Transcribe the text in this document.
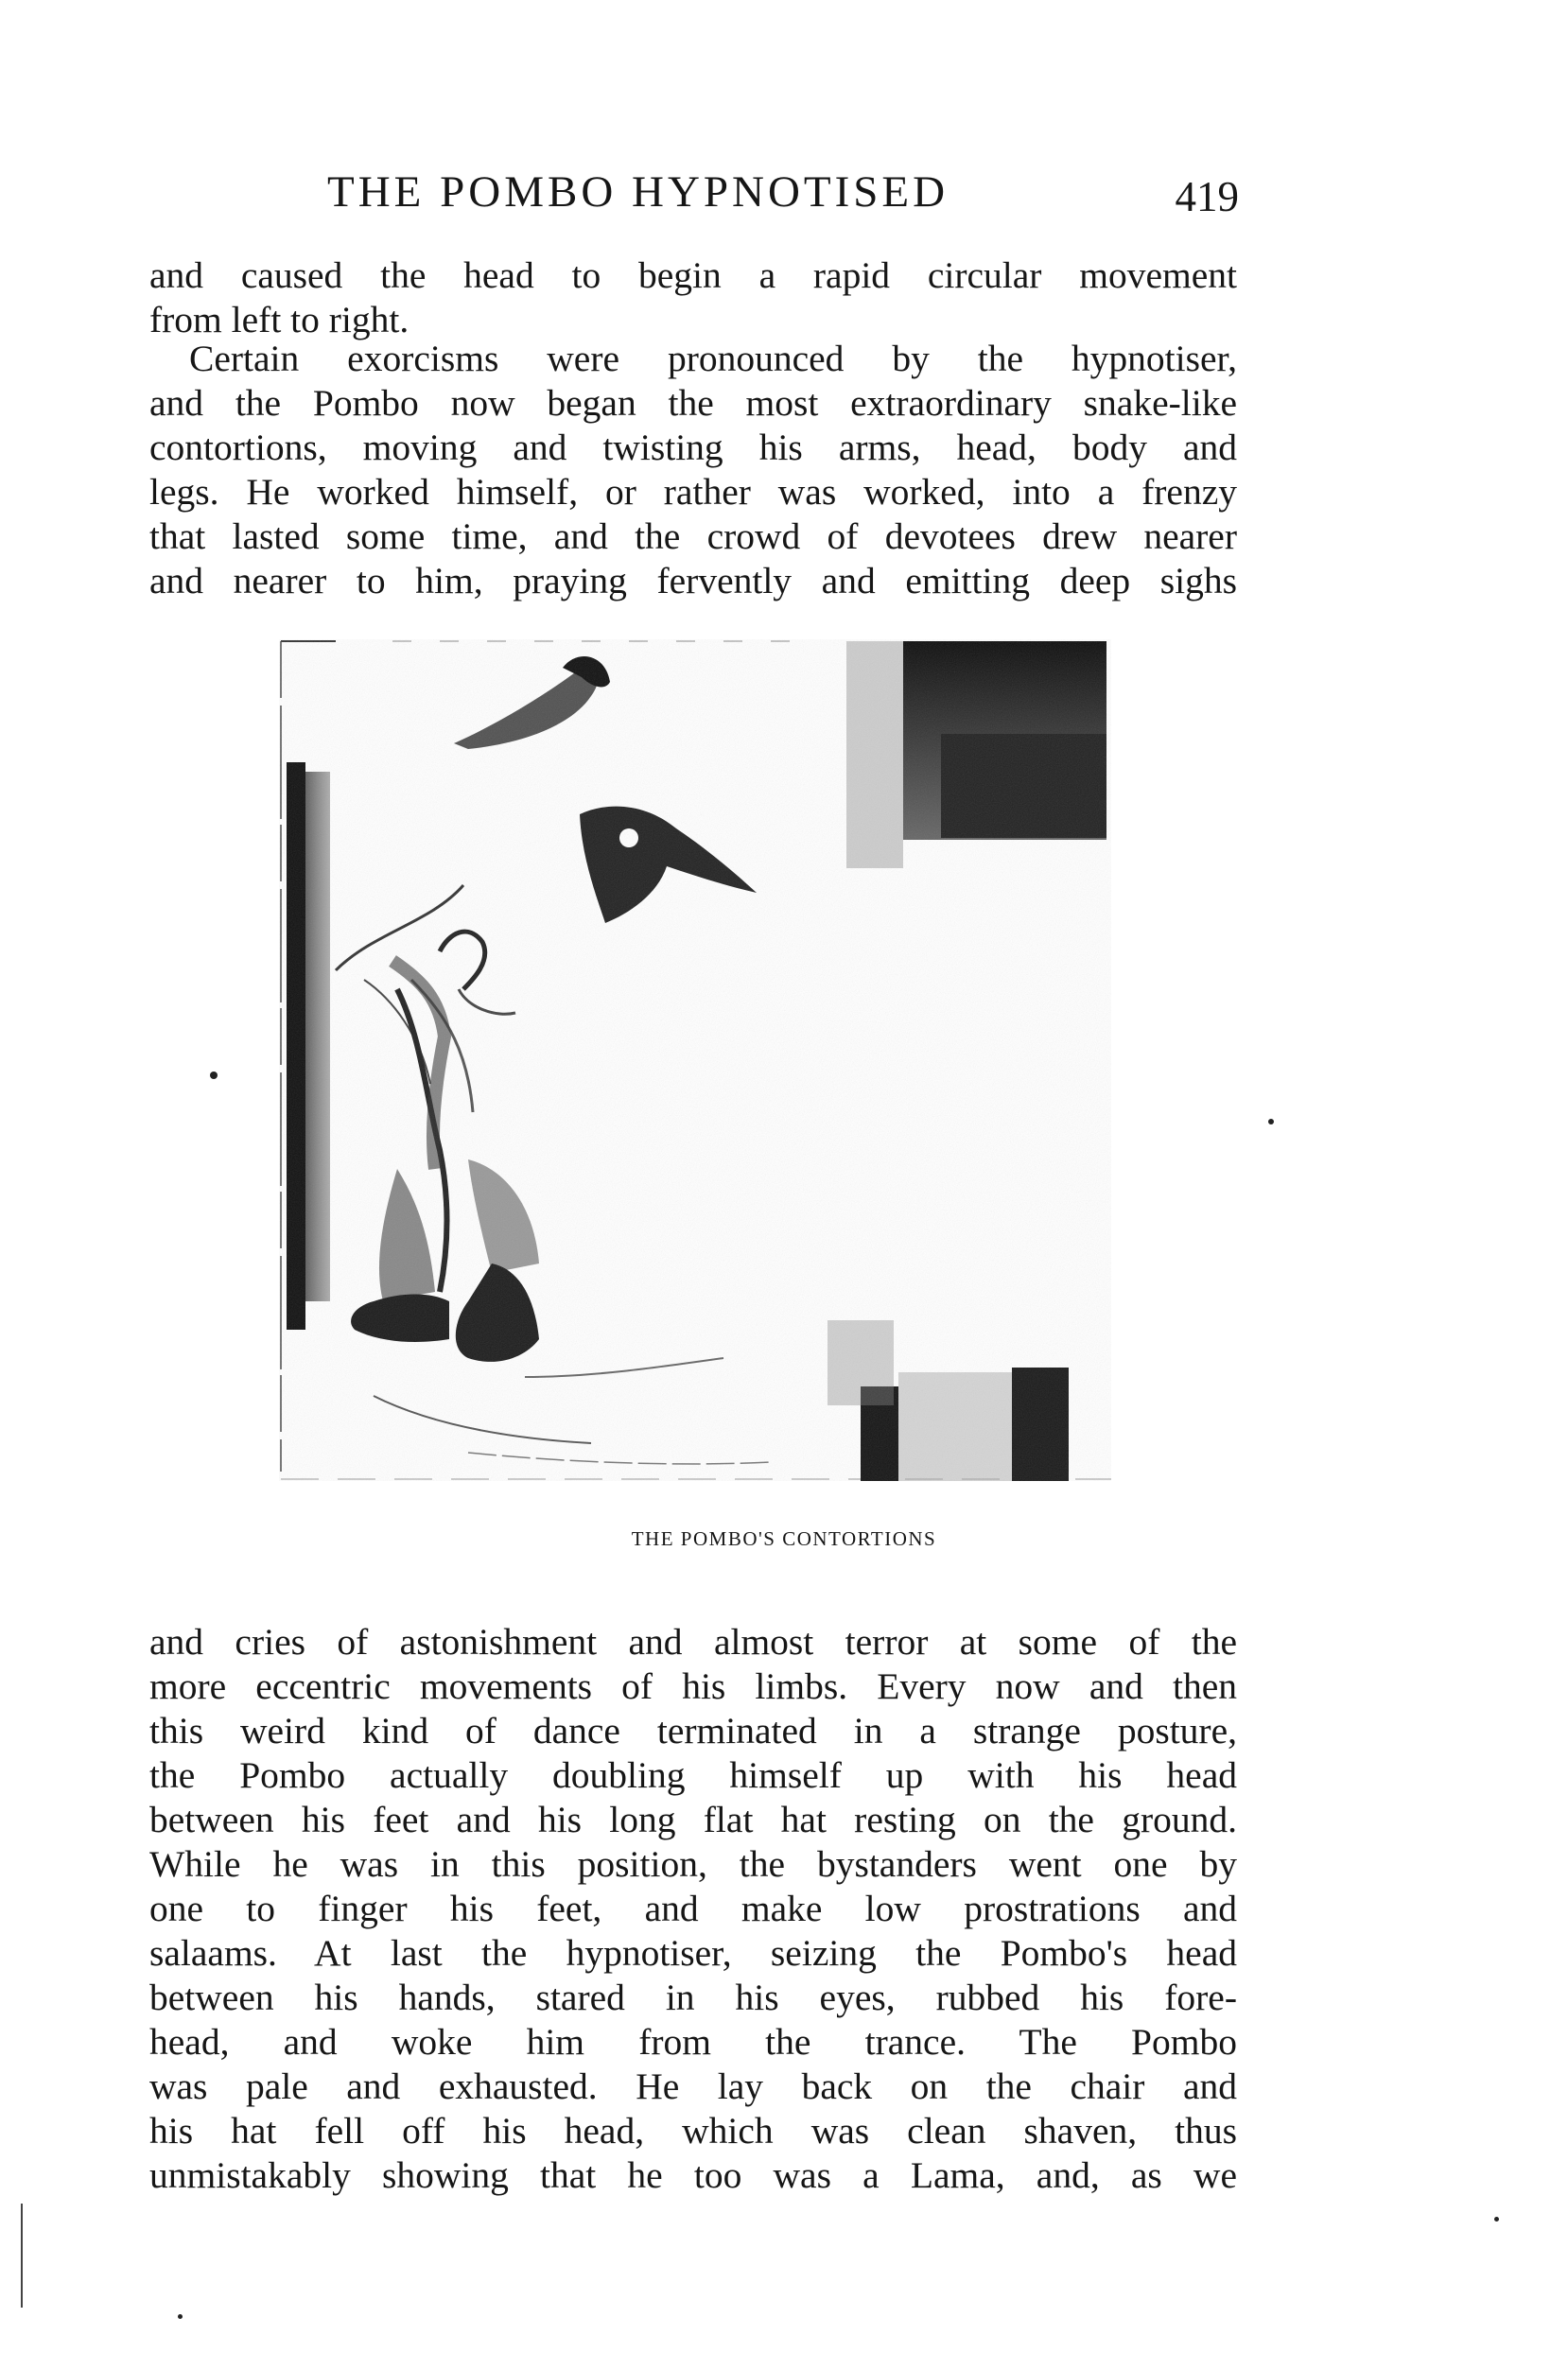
THE POMBO HYPNOTISED	419

and caused the head to begin a rapid circular movement
from left to right.

Certain exorcisms were pronounced by the hypnotiser,
and the Pombo now began the most extraordinary snake-like
contortions, moving and twisting his arms, head, body and
legs. He worked himself, or rather was worked, into a frenzy
that lasted some time, and the crowd of devotees drew nearer
and nearer to him, praying fervently and emitting deep sighs

THE POMBO'S CONTORTIONS

and cries of astonishment and almost terror at some of the
more eccentric movements of his limbs. Every now and then
this weird kind of dance terminated in a strange posture,
the Pombo actually doubling himself up with his head
between his feet and his long flat hat resting on the ground.
While he was in this position, the bystanders went one by
one to finger his feet, and make low prostrations and
salaams. At last the hypnotiser, seizing the Pombo's head
between his hands, stared in his eyes, rubbed his fore-
head, and woke him from the trance. The Pombo
was pale and exhausted. He lay back on the chair and
his hat fell off his head, which was clean shaven, thus
unmistakably showing that he too was a Lama, and, as we
